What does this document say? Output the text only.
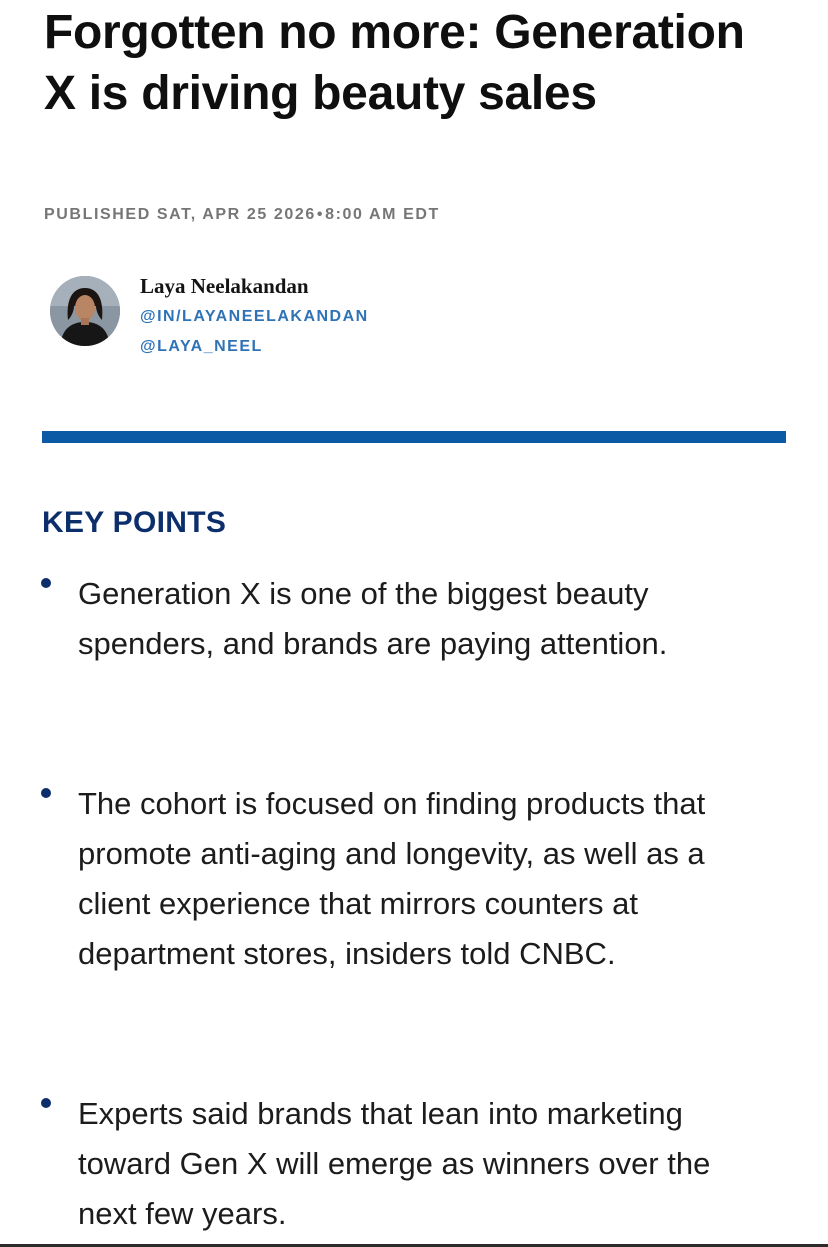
Forgotten no more: Generation X is driving beauty sales
PUBLISHED SAT, APR 25 2026•8:00 AM EDT
Laya Neelakandan
@IN/LAYANEELAKANDAN
@LAYA_NEEL
KEY POINTS

Generation X is one of the biggest beauty spenders, and brands are paying attention.

The cohort is focused on finding products that promote anti-aging and longevity, as well as a client experience that mirrors counters at department stores, insiders told CNBC.

Experts said brands that lean into marketing toward Gen X will emerge as winners over the next few years.
